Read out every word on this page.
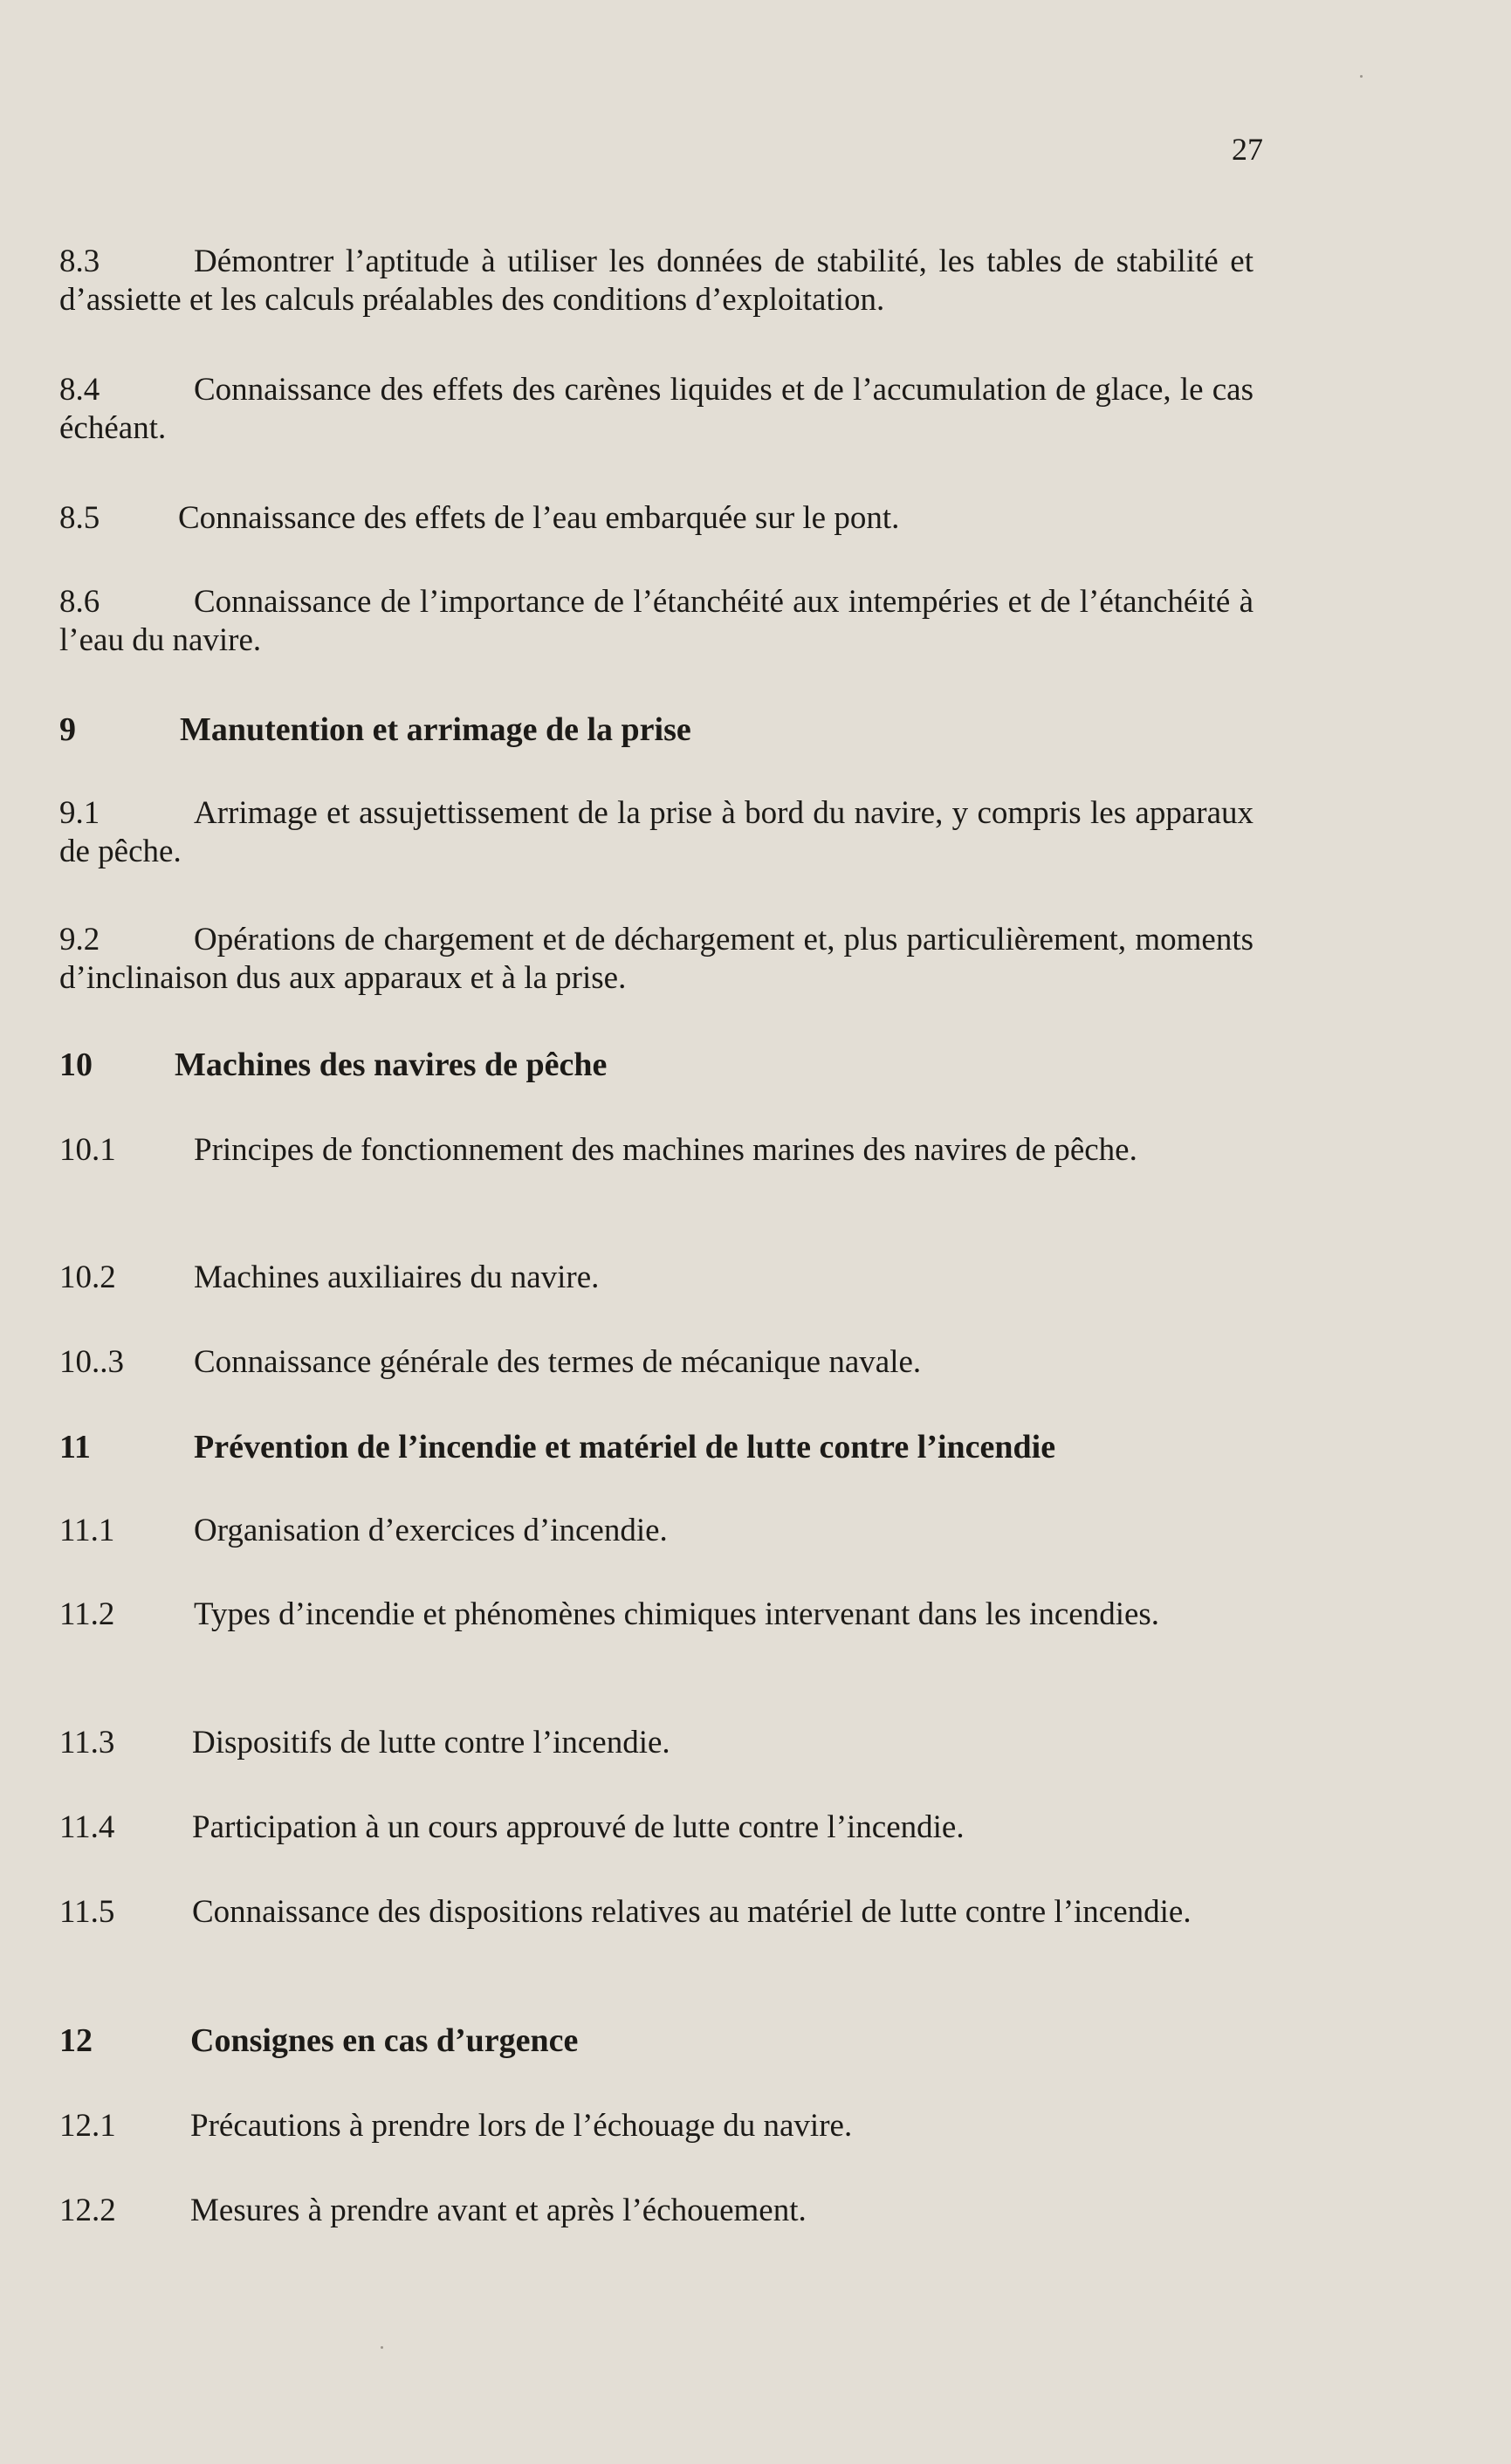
27
8.3	Démontrer l’aptitude à utiliser les données de stabilité, les tables de stabilité et d’assiette et les calculs préalables des conditions d’exploitation.
8.4	Connaissance des effets des carènes liquides et de l’accumulation de glace, le cas échéant.
8.5 Connaissance des effets de l’eau embarquée sur le pont.
8.6	Connaissance de l’importance de l’étanchéité aux intempéries et de l’étanchéité à l’eau du navire.
9	Manutention et arrimage de la prise
9.1	Arrimage et assujettissement de la prise à bord du navire, y compris les apparaux de pêche.
9.2	Opérations de chargement et de déchargement et, plus particulièrement, moments d’inclinaison dus aux apparaux et à la prise.
10 Machines des navires de pêche
10.1 Principes de fonctionnement des machines marines des navires de pêche.
10.2 Machines auxiliaires du navire.
10..3 Connaissance générale des termes de mécanique navale.
11	Prévention de l’incendie et matériel de lutte contre l’incendie
11.1 Organisation d’exercices d’incendie.
11.2 Types d’incendie et phénomènes chimiques intervenant dans les incendies.
11.3 Dispositifs de lutte contre l’incendie.
11.4 Participation à un cours approuvé de lutte contre l’incendie.
11.5 Connaissance des dispositions relatives au matériel de lutte contre l’incendie.
12	Consignes en cas d’urgence
12.1 Précautions à prendre lors de l’échouage du navire.
12.2 Mesures à prendre avant et après l’échouement.
